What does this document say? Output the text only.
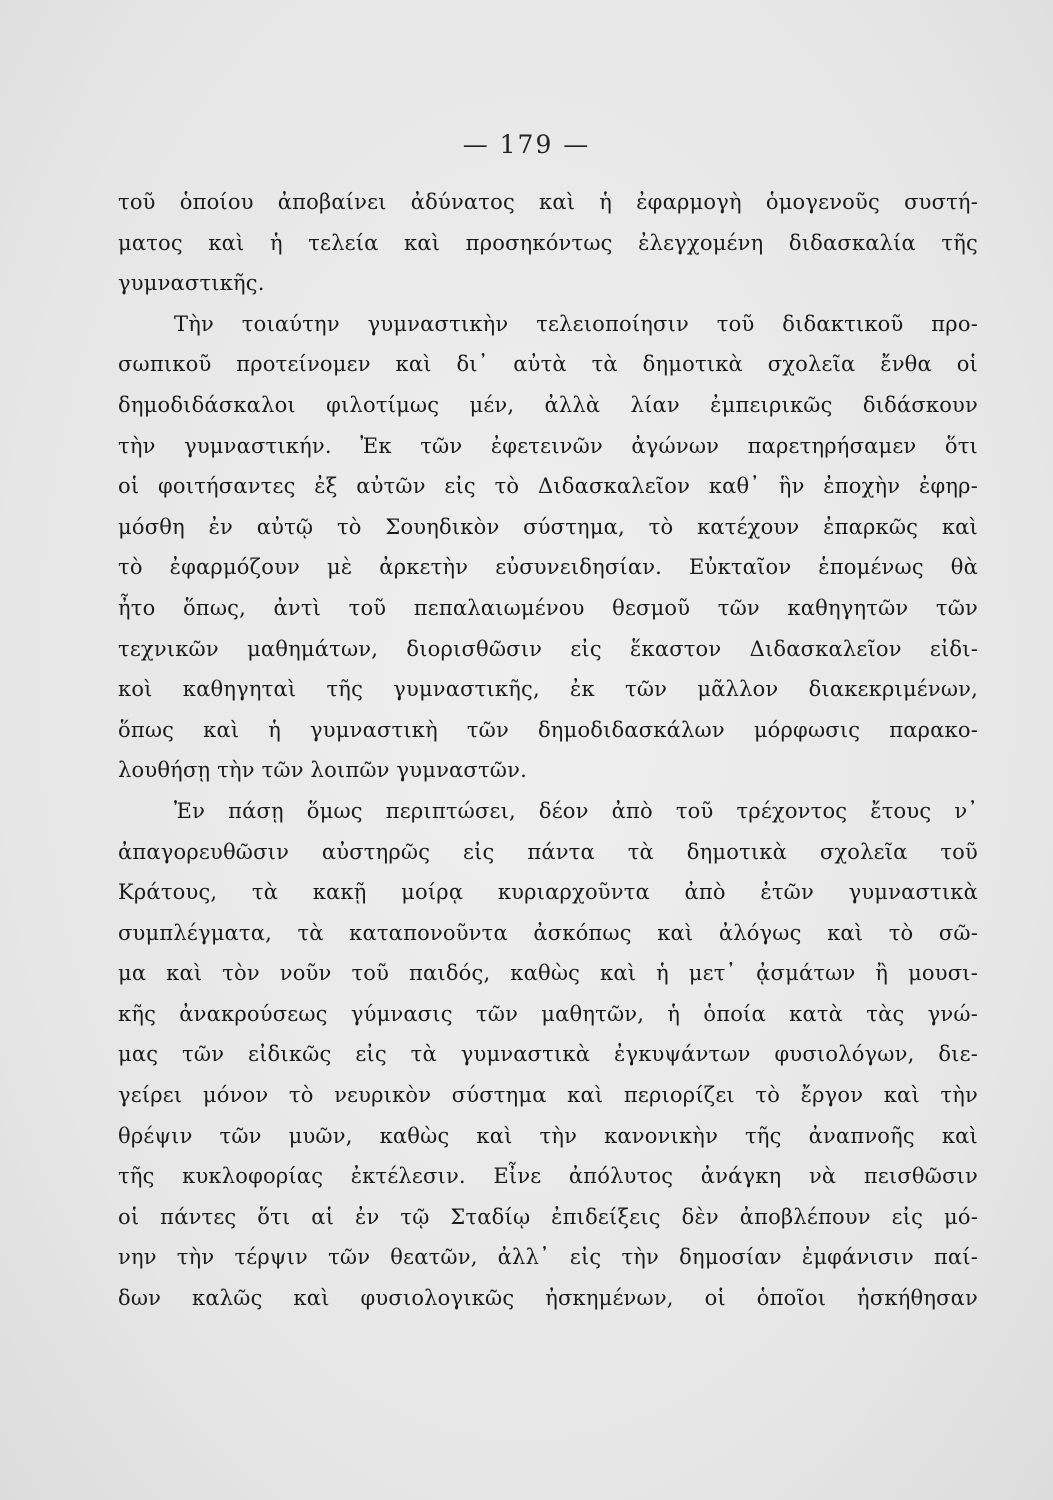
— 179 —
τοῦ ὁποίου ἀποβαίνει ἀδύνατος καὶ ἡ ἐφαρμογὴ ὁμογενοῦς συστή-
ματος καὶ ἡ τελεία καὶ προσηκόντως ἐλεγχομένη διδασκαλία τῆς
γυμναστικῆς.
Τὴν τοιαύτην γυμναστικὴν τελειοποίησιν τοῦ διδακτικοῦ προ-
σωπικοῦ προτείνομεν καὶ δι᾽ αὐτὰ τὰ δημοτικὰ σχολεῖα ἔνθα οἱ
δημοδιδάσκαλοι φιλοτίμως μέν, ἀλλὰ λίαν ἐμπειρικῶς διδάσκουν
τὴν γυμναστικήν. Ἐκ τῶν ἐφετεινῶν ἀγώνων παρετηρήσαμεν ὅτι
οἱ φοιτήσαντες ἐξ αὐτῶν εἰς τὸ Διδασκαλεῖον καθ᾽ ἣν ἐποχὴν ἐφηρ-
μόσθη ἐν αὐτῷ τὸ Σουηδικὸν σύστημα, τὸ κατέχουν ἐπαρκῶς καὶ
τὸ ἐφαρμόζουν μὲ ἀρκετὴν εὐσυνειδησίαν. Εὐκταῖον ἑπομένως θὰ
ἦτο ὅπως, ἀντὶ τοῦ πεπαλαιωμένου θεσμοῦ τῶν καθηγητῶν τῶν
τεχνικῶν μαθημάτων, διορισθῶσιν εἰς ἕκαστον Διδασκαλεῖον εἰδι-
κοὶ καθηγηταὶ τῆς γυμναστικῆς, ἐκ τῶν μᾶλλον διακεκριμένων,
ὅπως καὶ ἡ γυμναστικὴ τῶν δημοδιδασκάλων μόρφωσις παρακο-
λουθήσῃ τὴν τῶν λοιπῶν γυμναστῶν.
Ἐν πάσῃ ὅμως περιπτώσει, δέον ἀπὸ τοῦ τρέχοντος ἔτους ν᾽
ἀπαγορευθῶσιν αὐστηρῶς εἰς πάντα τὰ δημοτικὰ σχολεῖα τοῦ
Κράτους, τὰ κακῇ μοίρᾳ κυριαρχοῦντα ἀπὸ ἐτῶν γυμναστικὰ
συμπλέγματα, τὰ καταπονοῦντα ἀσκόπως καὶ ἀλόγως καὶ τὸ σῶ-
μα καὶ τὸν νοῦν τοῦ παιδός, καθὼς καὶ ἡ μετ᾽ ᾀσμάτων ἢ μουσι-
κῆς ἀνακρούσεως γύμνασις τῶν μαθητῶν, ἡ ὁποία κατὰ τὰς γνώ-
μας τῶν εἰδικῶς εἰς τὰ γυμναστικὰ ἐγκυψάντων φυσιολόγων, διε-
γείρει μόνον τὸ νευρικὸν σύστημα καὶ περιορίζει τὸ ἔργον καὶ τὴν
θρέψιν τῶν μυῶν, καθὼς καὶ τὴν κανονικὴν τῆς ἀναπνοῆς καὶ
τῆς κυκλοφορίας ἐκτέλεσιν. Εἶνε ἀπόλυτος ἀνάγκη νὰ πεισθῶσιν
οἱ πάντες ὅτι αἱ ἐν τῷ Σταδίῳ ἐπιδείξεις δὲν ἀποβλέπουν εἰς μό-
νην τὴν τέρψιν τῶν θεατῶν, ἀλλ᾽ εἰς τὴν δημοσίαν ἐμφάνισιν παί-
δων καλῶς καὶ φυσιολογικῶς ἠσκημένων, οἱ ὁποῖοι ἠσκήθησαν
